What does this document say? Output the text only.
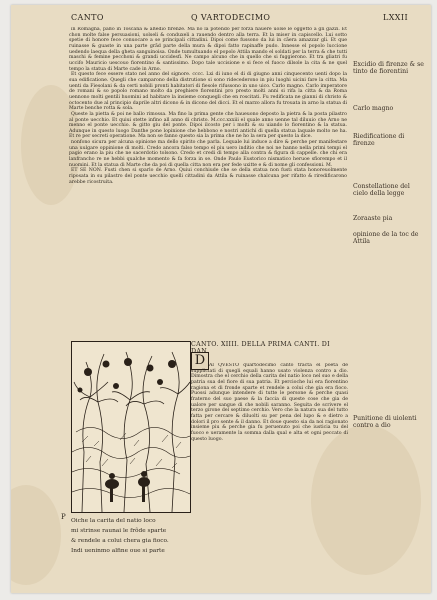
CANTO	Q VARTODECIMO	LXXII

in Romagna, paßo in Toscana & aßedio firenze. Ma nõ la potendo per forza hauere uolse le oggetto a gli gazzi. Et chon molte false persuasioni, uolseli & conduxeli a rauendo dentro alla terra. Et la miser in capiscello. Lui sotto spetie di honore fece conuocare a se principali cittadini. Dipoi come fussono da lui in cãera amazzar gli. Et que ruinasse & guaste in una parte grãd parte della mura & dipoi fatto rapinaffe pudo. Innesse el popolo luccione uedendo laequa della gheta sanguinoisa. Onde tumultuando el popolo Attila mando el soldati per la terra & che tutti maschi & femine pecchoni & grandi uccidesfi. Ne campo alcuno che in quello che si fuggierono. Et tra gliatri fu uccifo Mauricio uescouo fiorentino & santissimo. Dopo tale uccisione e si fece el fuoco dilsole la cita & ne quel tempo la statua di Marte cade in Arno.

Et questo fece essere stato nel anno del signore. cccc. Lxi di iuno el di di giugno anni cinquecento uenti dopo la sua edificatione. Quegli che camparono della distrutione si sono ridecederono in piu luoghi uicini fare la citta. Ma uenti da Fiesolani & da certi nobili pronti habitatori di fiesole rifussono in uno uico. Carlo magno. Carlo imperatore de romani & so popolo romano molto da preghiere fiorentini pro presto molti anni si rifa la citta & da Roma uennono molti gentili huomini ad habitare la insieme conquegli che en roscitati. Fu redificata ne gianni di christo & octocento due al principio daprile altri dicono & in dicono del dicci. Et el marzo allora fu trouata in arno la statua di Marte benche rotta & sola.

Queste la pietta & poi ne ballo rimossa. Ma fino la prima gente che haueuono deposto la pietra & la posta pilastro al ponte uecchio. Et quiui stette infino all anno di christo. M.ccc.xxxiii el quale anno uenne tal diluuio che Arno ne menno el ponte uecchio. & gitto giu del ponte. Dipoi ilcosto per i molti & su uiando lo fiorentino & la statua. Adunque in questo luogo Danthe pone lopinione che hebbono e nostri antichi di quella statua laquale molto ne ha. Et re per secreti operatione. Ma non se fanno questo sia la prima che ne ho la sera per questo la dice.

nonfono sicura per alcuna opinione ma dello spirito che parla. Lequale lui induce a dire & perche per manifestare una uulgare oppinione di molti. Credo ancora falso tempo el piu uero inditio che noi ne hanno nella primi tempi el pagio erano la piu che ne sacerdotio tolsono. Credo et credi di tempo alla contra & figura di cappelle. che chi era lanfrancho re ne hebbi qualche momento & fa forza in se. Onde Paulo Eustorico nismatico heruoe sfiorempo et il nuomini. Et la statua di Marte che da poi di quella citta non era per fede uxitte e & di nome gli confessioni. M.

ET SE NON. Fusti chen si sparlo de Arno. Quiui conchiude che se della statua non fusti stata honoreuolmente riposata in su pilastro del ponte uecchio quelli cittadini da Attila & ruinasse chalcuna per rifatto & riredificarono arebbe ricostruita.

Excidio di firenze & se tinto de fiorentini
Carlo magno
Riedificatione di firenze
Constellatione del cielo della legge
Zoraaste pia
opinione de la toc de Attila
CANTO. XIIII. DELLA PRIMA CANTI. DI
D Al QVESTO quartodecimo canto tracta el poeta de suppliciati di quegli equali hanno usato violenza contro a dio. Dimostra che el cerchio della carita del natio loco nel suo e della patria sua del fiore di sua patria. Et percioche lui era fiorentino ragiona et di fronde sparte et rendele a colui che gia era fioco. Puossi adunque intendere di tutte le persone & perche quasi fraterno del suo paese & la faccia di queste cose che gia de ualore per sangue di che nobili saranno. Seguita de scrivere el terzo girone del septimo cerchio. Vero che la natura sua del tutto fatta per cercare & diluolti su per pena del lupo & e dietro a dolori il pro sente & il danno. Et doue questo sia da noi ragionato insieme piu & perche gia fu peruenuto poi che iusticia tu del fuoco e ueramente la somma dalla qual e alta et ogni peccato di questo luogo.
Punitione di uiolenti contro a dio
P Oiche la carita del natio loco
mi strinse raunai le frõde sparte
& rendele a colui chera gia fioco.
Indi ueninmo alfine oue si parte
